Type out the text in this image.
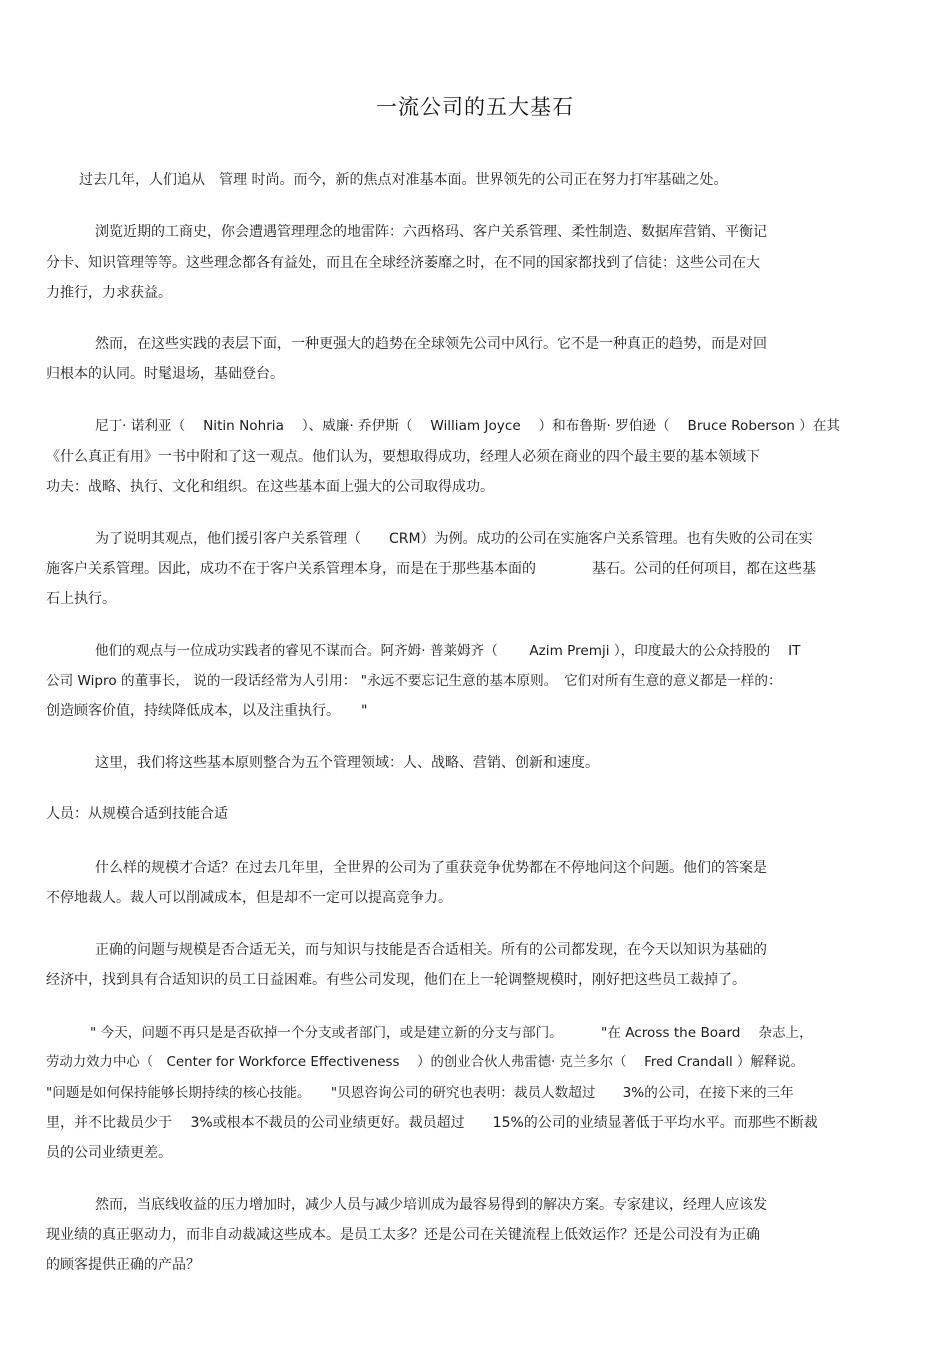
一流公司的五大基石
过去几年，人们追从　管理 时尚。而今，新的焦点对准基本面。世界领先的公司正在努力打牢基础之处。
浏览近期的工商史，你会遭遇管理理念的地雷阵：六西格玛、客户关系管理、柔性制造、数据库营销、平衡记
分卡、知识管理等等。这些理念都各有益处，而且在全球经济萎靡之时，在不同的国家都找到了信徒：这些公司在大
力推行，力求获益。
然而，在这些实践的表层下面，一种更强大的趋势在全球领先公司中风行。它不是一种真正的趋势，而是对回
归根本的认同。时髦退场，基础登台。
尼丁· 诺利亚（　 Nitin Nohria　 ）、威廉· 乔伊斯（　 William Joyce　 ）和布鲁斯· 罗伯逊（　 Bruce Roberson ）在其
《什么真正有用》一书中附和了这一观点。他们认为，要想取得成功，经理人必须在商业的四个最主要的基本领域下
功夫：战略、执行、文化和组织。在这些基本面上强大的公司取得成功。
为了说明其观点，他们援引客户关系管理（　　CRM）为例。成功的公司在实施客户关系管理。也有失败的公司在实
施客户关系管理。因此，成功不在于客户关系管理本身，而是在于那些基本面的　　　　基石。公司的任何项目，都在这些基
石上执行。
他们的观点与一位成功实践者的睿见不谋而合。阿齐姆· 普莱姆齐（　　 Azim Premji ），印度最大的公众持股的　 IT
公司 Wipro 的董事长， 说的一段话经常为人引用： "永远不要忘记生意的基本原则。　它们对所有生意的意义都是一样的：
创造顾客价值，持续降低成本，以及注重执行。　　"
这里，我们将这些基本原则整合为五个管理领域：人、战略、营销、创新和速度。
人员：从规模合适到技能合适
什么样的规模才合适？在过去几年里，全世界的公司为了重获竞争优势都在不停地问这个问题。他们的答案是
不停地裁人。裁人可以削减成本，但是却不一定可以提高竞争力。
正确的问题与规模是否合适无关，而与知识与技能是否合适相关。所有的公司都发现，在今天以知识为基础的
经济中，找到具有合适知识的员工日益困难。有些公司发现，他们在上一轮调整规模时，刚好把这些员工裁掉了。
" 今天，问题不再只是是否砍掉一个分支或者部门，或是建立新的分支与部门。　　　 "在 Across the Board　 杂志上，
劳动力效力中心（　Center for Workforce Effectiveness　 ）的创业合伙人弗雷德· 克兰多尔（　 Fred Crandall ）解释说。
"问题是如何保持能够长期持续的核心技能。　　"贝恩咨询公司的研究也表明：裁员人数超过　　3%的公司，在接下来的三年
里，并不比裁员少于　 3%或根本不裁员的公司业绩更好。裁员超过　　15%的公司的业绩显著低于平均水平。而那些不断裁
员的公司业绩更差。
然而，当底线收益的压力增加时，减少人员与减少培训成为最容易得到的解决方案。专家建议，经理人应该发
现业绩的真正驱动力，而非自动裁减这些成本。是员工太多？还是公司在关键流程上低效运作？还是公司没有为正确
的顾客提供正确的产品？
